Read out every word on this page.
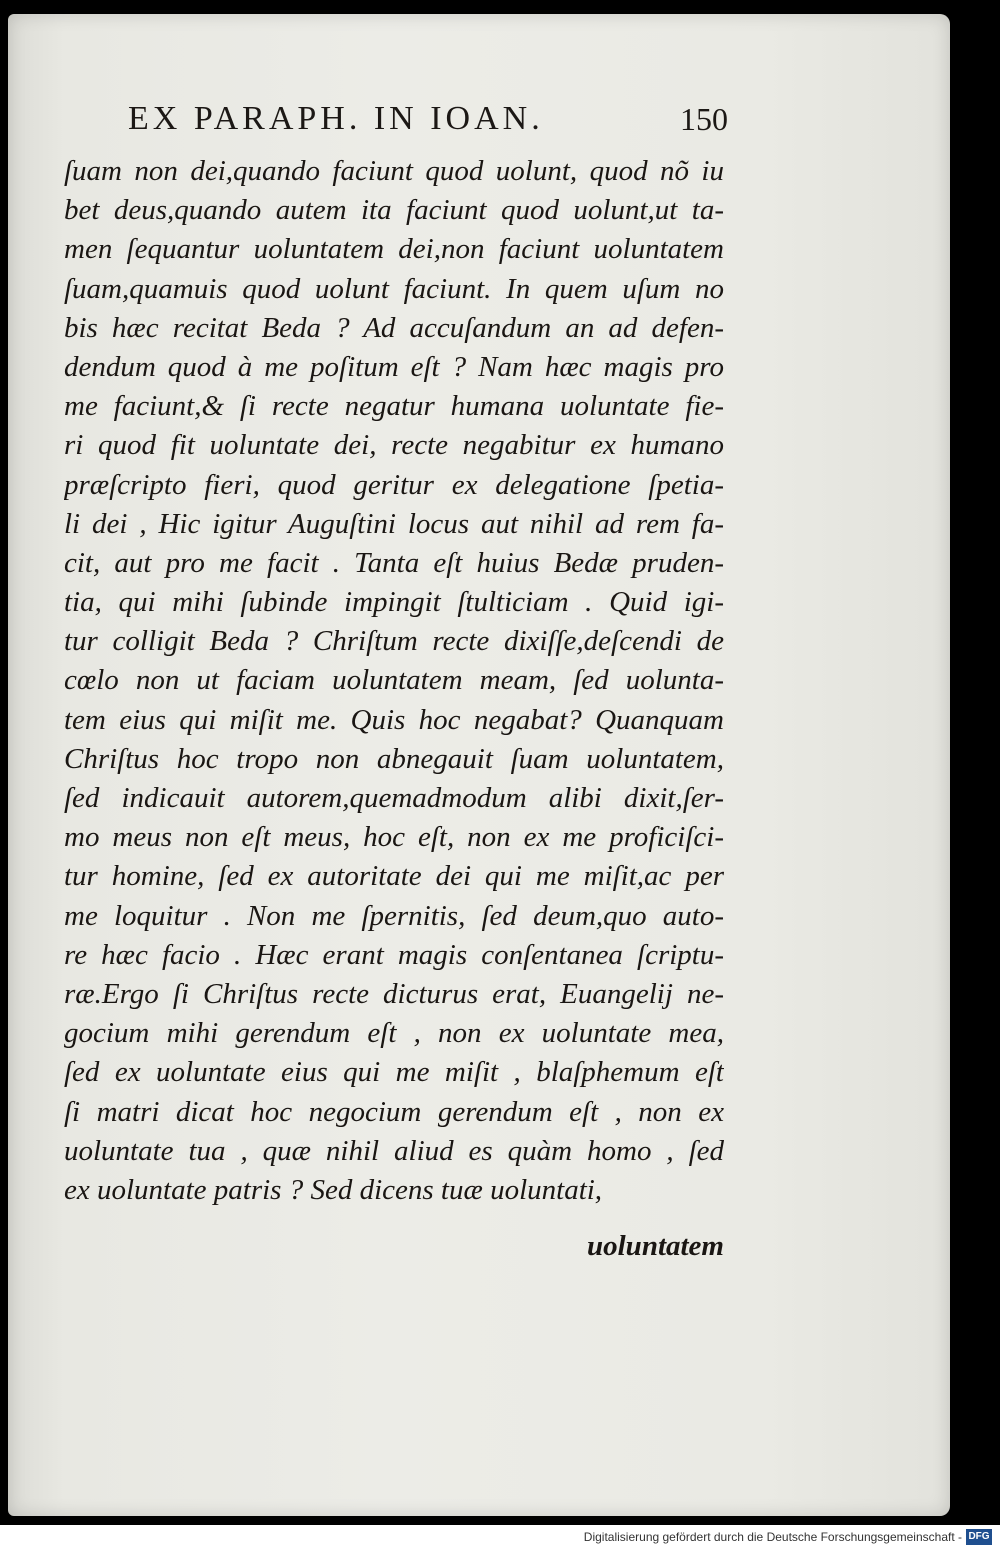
EX PARAPH. IN IOAN.	150
ſuam non dei,quando faciunt quod uolunt, quod nõ iu
bet deus,quando autem ita faciunt quod uolunt,ut ta-
men ſequantur uoluntatem dei,non faciunt uoluntatem
ſuam,quamuis quod uolunt faciunt. In quem uſum no
bis hæc recitat Beda ? Ad accuſandum an ad defen-
dendum quod à me poſitum eſt ? Nam hæc magis pro
me faciunt,& ſi recte negatur humana uoluntate fie-
ri quod fit uoluntate dei, recte negabitur ex humano
præſcripto fieri, quod geritur ex delegatione ſpetia-
li dei , Hic igitur Auguſtini locus aut nihil ad rem fa-
cit, aut pro me facit . Tanta eſt huius Bedæ pruden-
tia, qui mihi ſubinde impingit ſtulticiam . Quid igi-
tur colligit Beda ? Chriſtum recte dixiſſe,deſcendi de
cœlo non ut faciam uoluntatem meam, ſed uolunta-
tem eius qui miſit me. Quis hoc negabat? Quanquam
Chriſtus hoc tropo non abnegauit ſuam uoluntatem,
ſed indicauit autorem,quemadmodum alibi dixit,ſer-
mo meus non eſt meus, hoc eſt, non ex me proficiſci-
tur homine, ſed ex autoritate dei qui me miſit,ac per
me loquitur . Non me ſpernitis, ſed deum,quo auto-
re hæc facio . Hæc erant magis conſentanea ſcriptu-
ræ.Ergo ſi Chriſtus recte dicturus erat, Euangelij ne-
gocium mihi gerendum eſt , non ex uoluntate mea,
ſed ex uoluntate eius qui me miſit , blaſphemum eſt
ſi matri dicat hoc negocium gerendum eſt , non ex
uoluntate tua , quæ nihil aliud es quàm homo , ſed
ex uoluntate patris ? Sed dicens tuæ uoluntati,
uoluntatem
Digitalisierung gefördert durch die Deutsche Forschungsgemeinschaft - DFG
